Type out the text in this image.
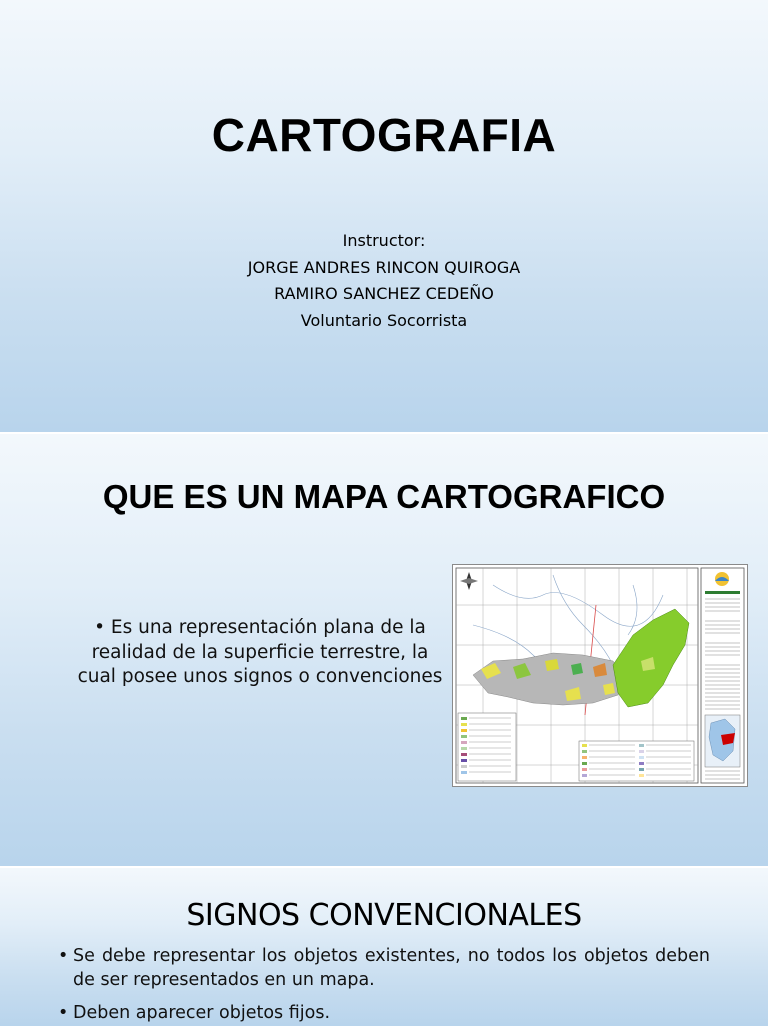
CARTOGRAFIA
Instructor:
JORGE ANDRES RINCON QUIROGA
RAMIRO SANCHEZ CEDEÑO
Voluntario Socorrista
QUE ES UN MAPA CARTOGRAFICO
• Es una representación plana de la realidad de la superficie terrestre, la cual posee unos signos o convenciones
SIGNOS CONVENCIONALES
• Se debe representar los objetos existentes, no todos los objetos deben de ser representados en un mapa.
• Deben aparecer objetos fijos.
